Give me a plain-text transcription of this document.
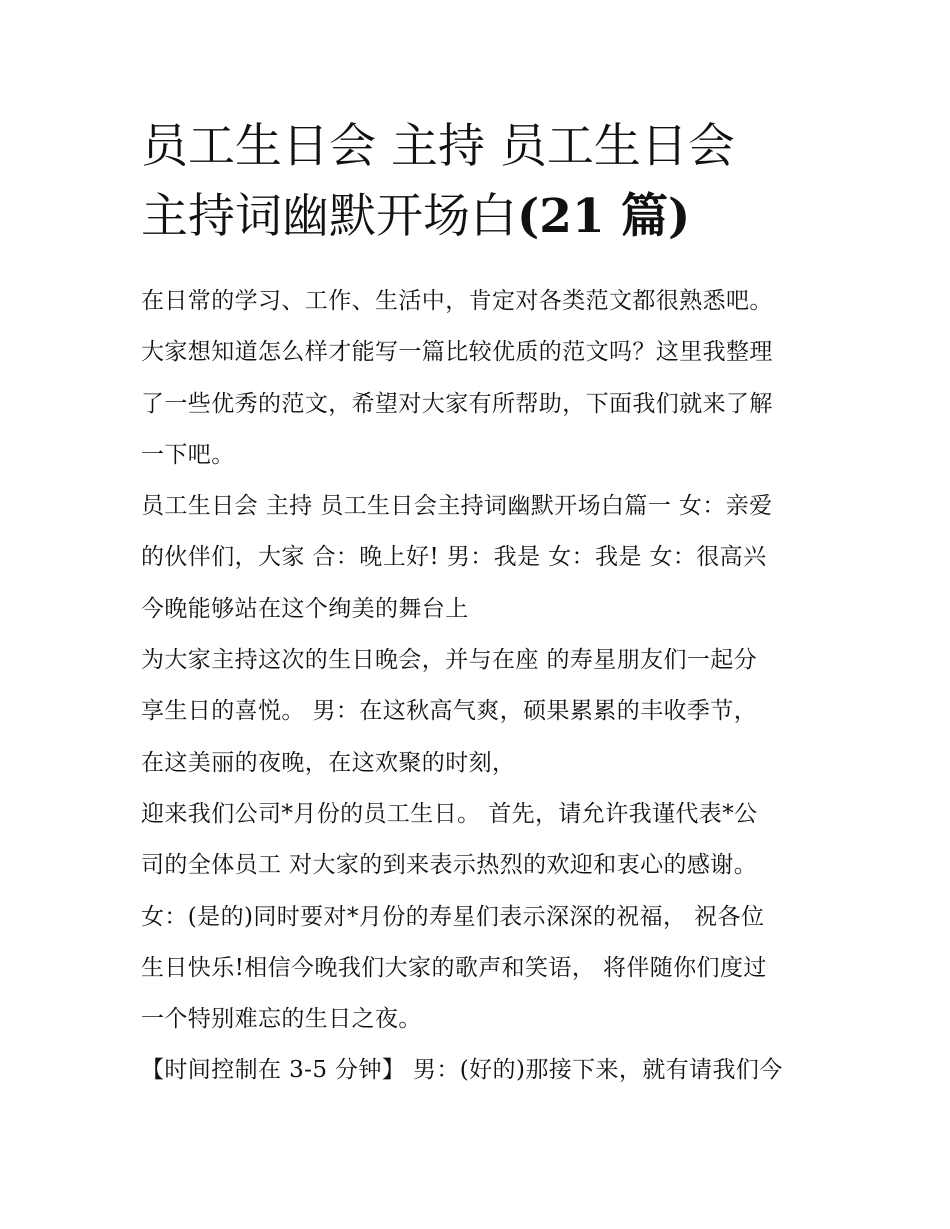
员工生日会 主持 员工生日会
主持词幽默开场白(21 篇)
在日常的学习、工作、生活中，肯定对各类范文都很熟悉吧。
大家想知道怎么样才能写一篇比较优质的范文吗？这里我整理
了一些优秀的范文，希望对大家有所帮助，下面我们就来了解
一下吧。
员工生日会 主持 员工生日会主持词幽默开场白篇一 女：亲爱
的伙伴们，大家 合：晚上好! 男：我是 女：我是 女：很高兴
今晚能够站在这个绚美的舞台上
为大家主持这次的生日晚会，并与在座 的寿星朋友们一起分
享生日的喜悦。 男：在这秋高气爽，硕果累累的丰收季节，
在这美丽的夜晚，在这欢聚的时刻，
迎来我们公司*月份的员工生日。 首先，请允许我谨代表*公
司的全体员工 对大家的到来表示热烈的欢迎和衷心的感谢。
女：(是的)同时要对*月份的寿星们表示深深的祝福， 祝各位
生日快乐!相信今晚我们大家的歌声和笑语， 将伴随你们度过
一个特别难忘的生日之夜。
【时间控制在 3-5 分钟】 男：(好的)那接下来，就有请我们今
